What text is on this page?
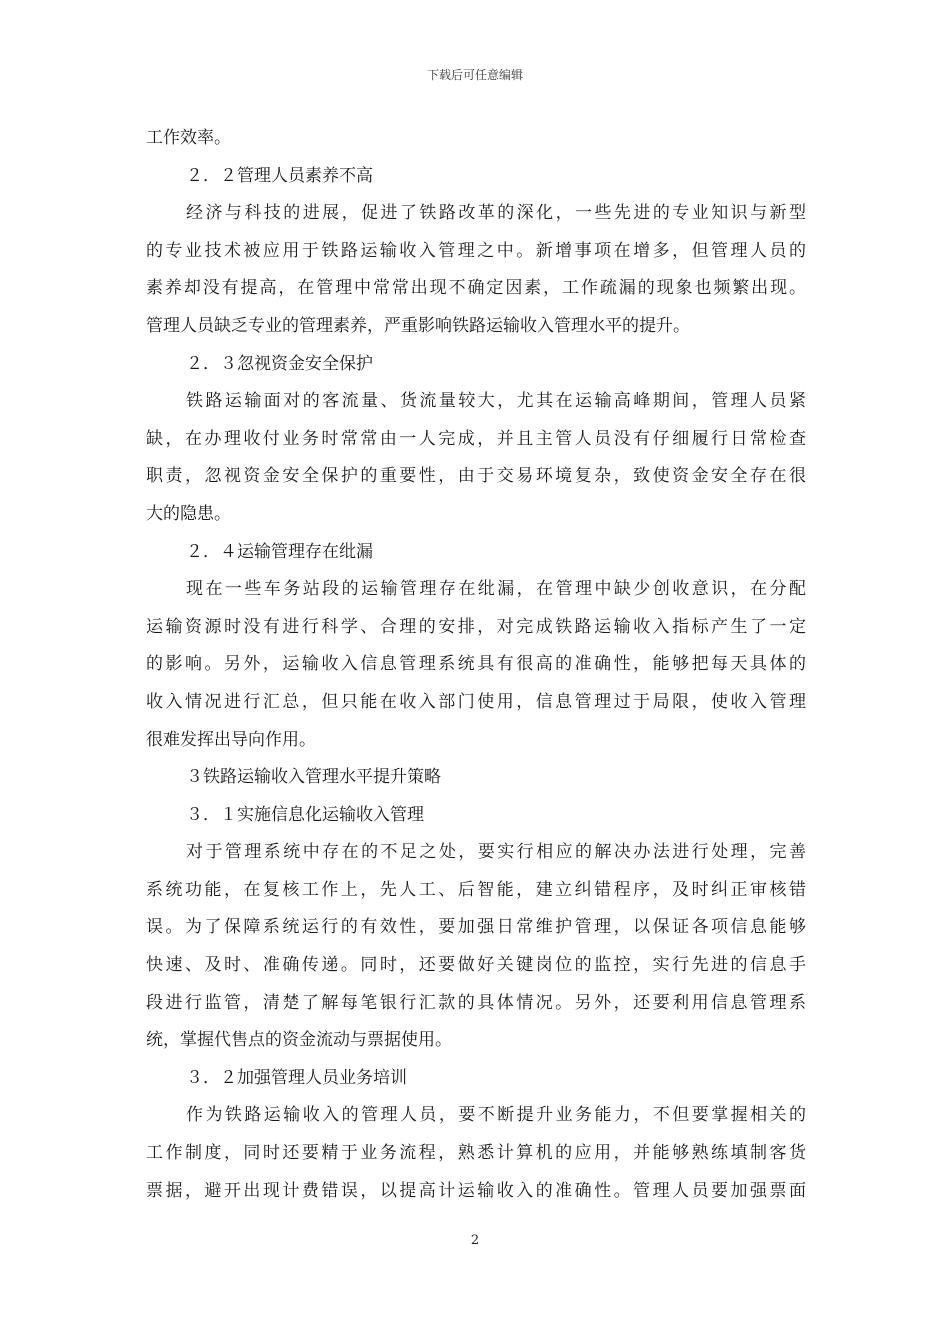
下载后可任意编辑
工作效率。
２．２管理人员素养不高
经济与科技的进展，促进了铁路改革的深化，一些先进的专业知识与新型
的专业技术被应用于铁路运输收入管理之中。新增事项在增多，但管理人员的
素养却没有提高，在管理中常常出现不确定因素，工作疏漏的现象也频繁出现。
管理人员缺乏专业的管理素养，严重影响铁路运输收入管理水平的提升。
２．３忽视资金安全保护
铁路运输面对的客流量、货流量较大，尤其在运输高峰期间，管理人员紧
缺，在办理收付业务时常常由一人完成，并且主管人员没有仔细履行日常检查
职责，忽视资金安全保护的重要性，由于交易环境复杂，致使资金安全存在很
大的隐患。
２．４运输管理存在纰漏
现在一些车务站段的运输管理存在纰漏，在管理中缺少创收意识，在分配
运输资源时没有进行科学、合理的安排，对完成铁路运输收入指标产生了一定
的影响。另外，运输收入信息管理系统具有很高的准确性，能够把每天具体的
收入情况进行汇总，但只能在收入部门使用，信息管理过于局限，使收入管理
很难发挥出导向作用。
３铁路运输收入管理水平提升策略
３．１实施信息化运输收入管理
对于管理系统中存在的不足之处，要实行相应的解决办法进行处理，完善
系统功能，在复核工作上，先人工、后智能，建立纠错程序，及时纠正审核错
误。为了保障系统运行的有效性，要加强日常维护管理，以保证各项信息能够
快速、及时、准确传递。同时，还要做好关键岗位的监控，实行先进的信息手
段进行监管，清楚了解每笔银行汇款的具体情况。另外，还要利用信息管理系
统，掌握代售点的资金流动与票据使用。
３．２加强管理人员业务培训
作为铁路运输收入的管理人员，要不断提升业务能力，不但要掌握相关的
工作制度，同时还要精于业务流程，熟悉计算机的应用，并能够熟练填制客货
票据，避开出现计费错误，以提高计运输收入的准确性。管理人员要加强票面
2
